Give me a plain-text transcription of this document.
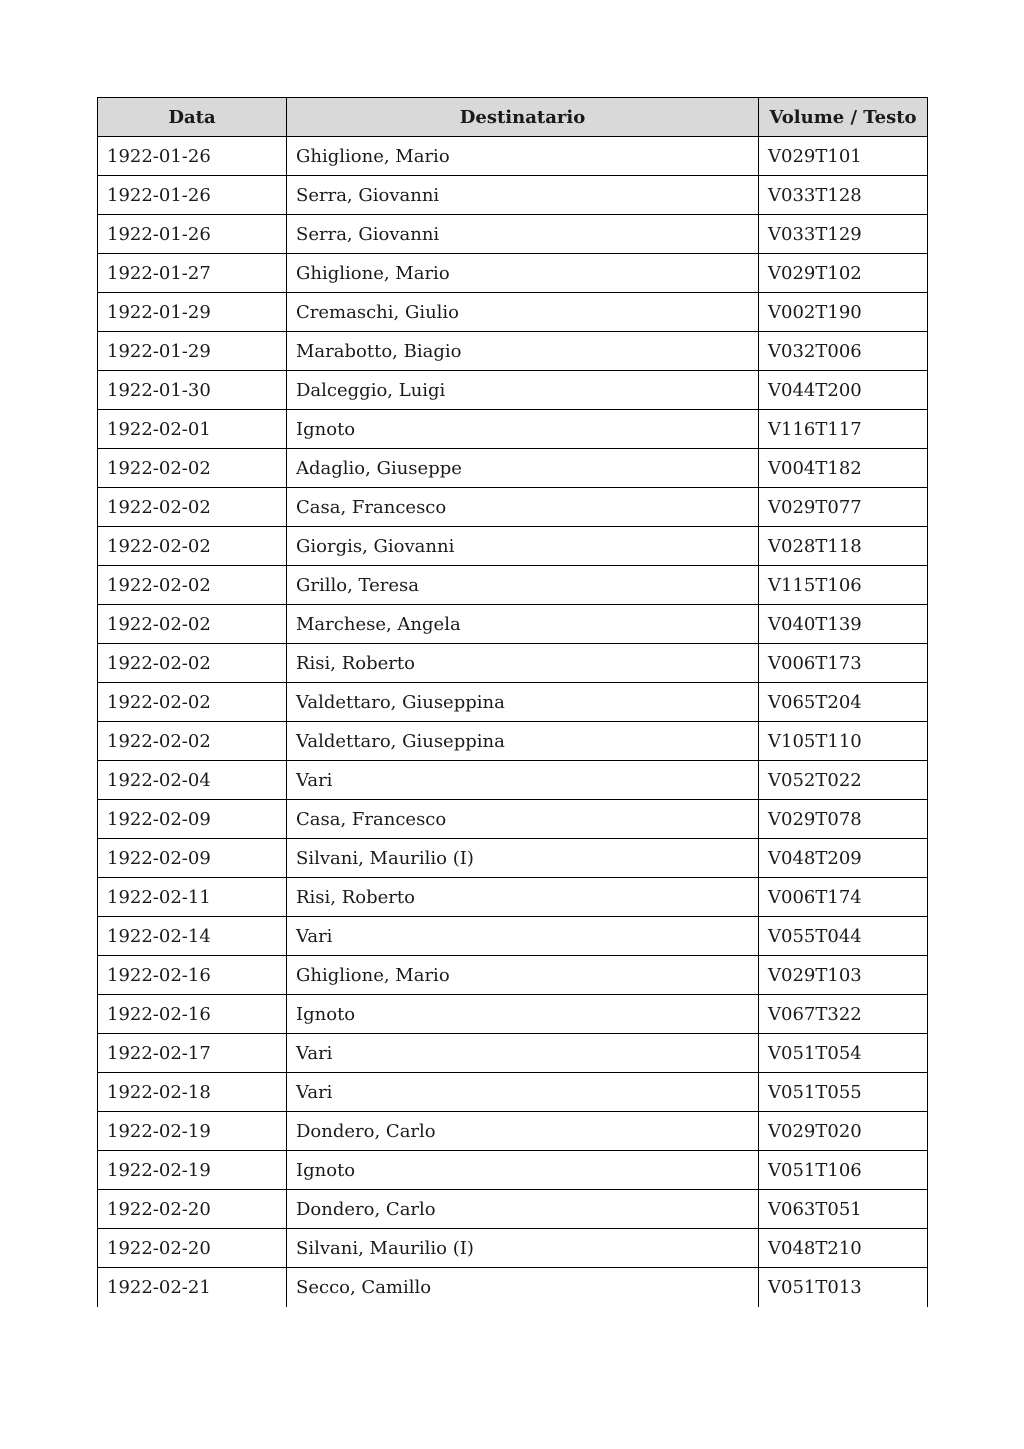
Data	Destinatario	Volume / Testo
1922-01-26	Ghiglione, Mario	V029T101
1922-01-26	Serra, Giovanni	V033T128
1922-01-26	Serra, Giovanni	V033T129
1922-01-27	Ghiglione, Mario	V029T102
1922-01-29	Cremaschi, Giulio	V002T190
1922-01-29	Marabotto, Biagio	V032T006
1922-01-30	Dalceggio, Luigi	V044T200
1922-02-01	Ignoto	V116T117
1922-02-02	Adaglio, Giuseppe	V004T182
1922-02-02	Casa, Francesco	V029T077
1922-02-02	Giorgis, Giovanni	V028T118
1922-02-02	Grillo, Teresa	V115T106
1922-02-02	Marchese, Angela	V040T139
1922-02-02	Risi, Roberto	V006T173
1922-02-02	Valdettaro, Giuseppina	V065T204
1922-02-02	Valdettaro, Giuseppina	V105T110
1922-02-04	Vari	V052T022
1922-02-09	Casa, Francesco	V029T078
1922-02-09	Silvani, Maurilio (I)	V048T209
1922-02-11	Risi, Roberto	V006T174
1922-02-14	Vari	V055T044
1922-02-16	Ghiglione, Mario	V029T103
1922-02-16	Ignoto	V067T322
1922-02-17	Vari	V051T054
1922-02-18	Vari	V051T055
1922-02-19	Dondero, Carlo	V029T020
1922-02-19	Ignoto	V051T106
1922-02-20	Dondero, Carlo	V063T051
1922-02-20	Silvani, Maurilio (I)	V048T210
1922-02-21	Secco, Camillo	V051T013
